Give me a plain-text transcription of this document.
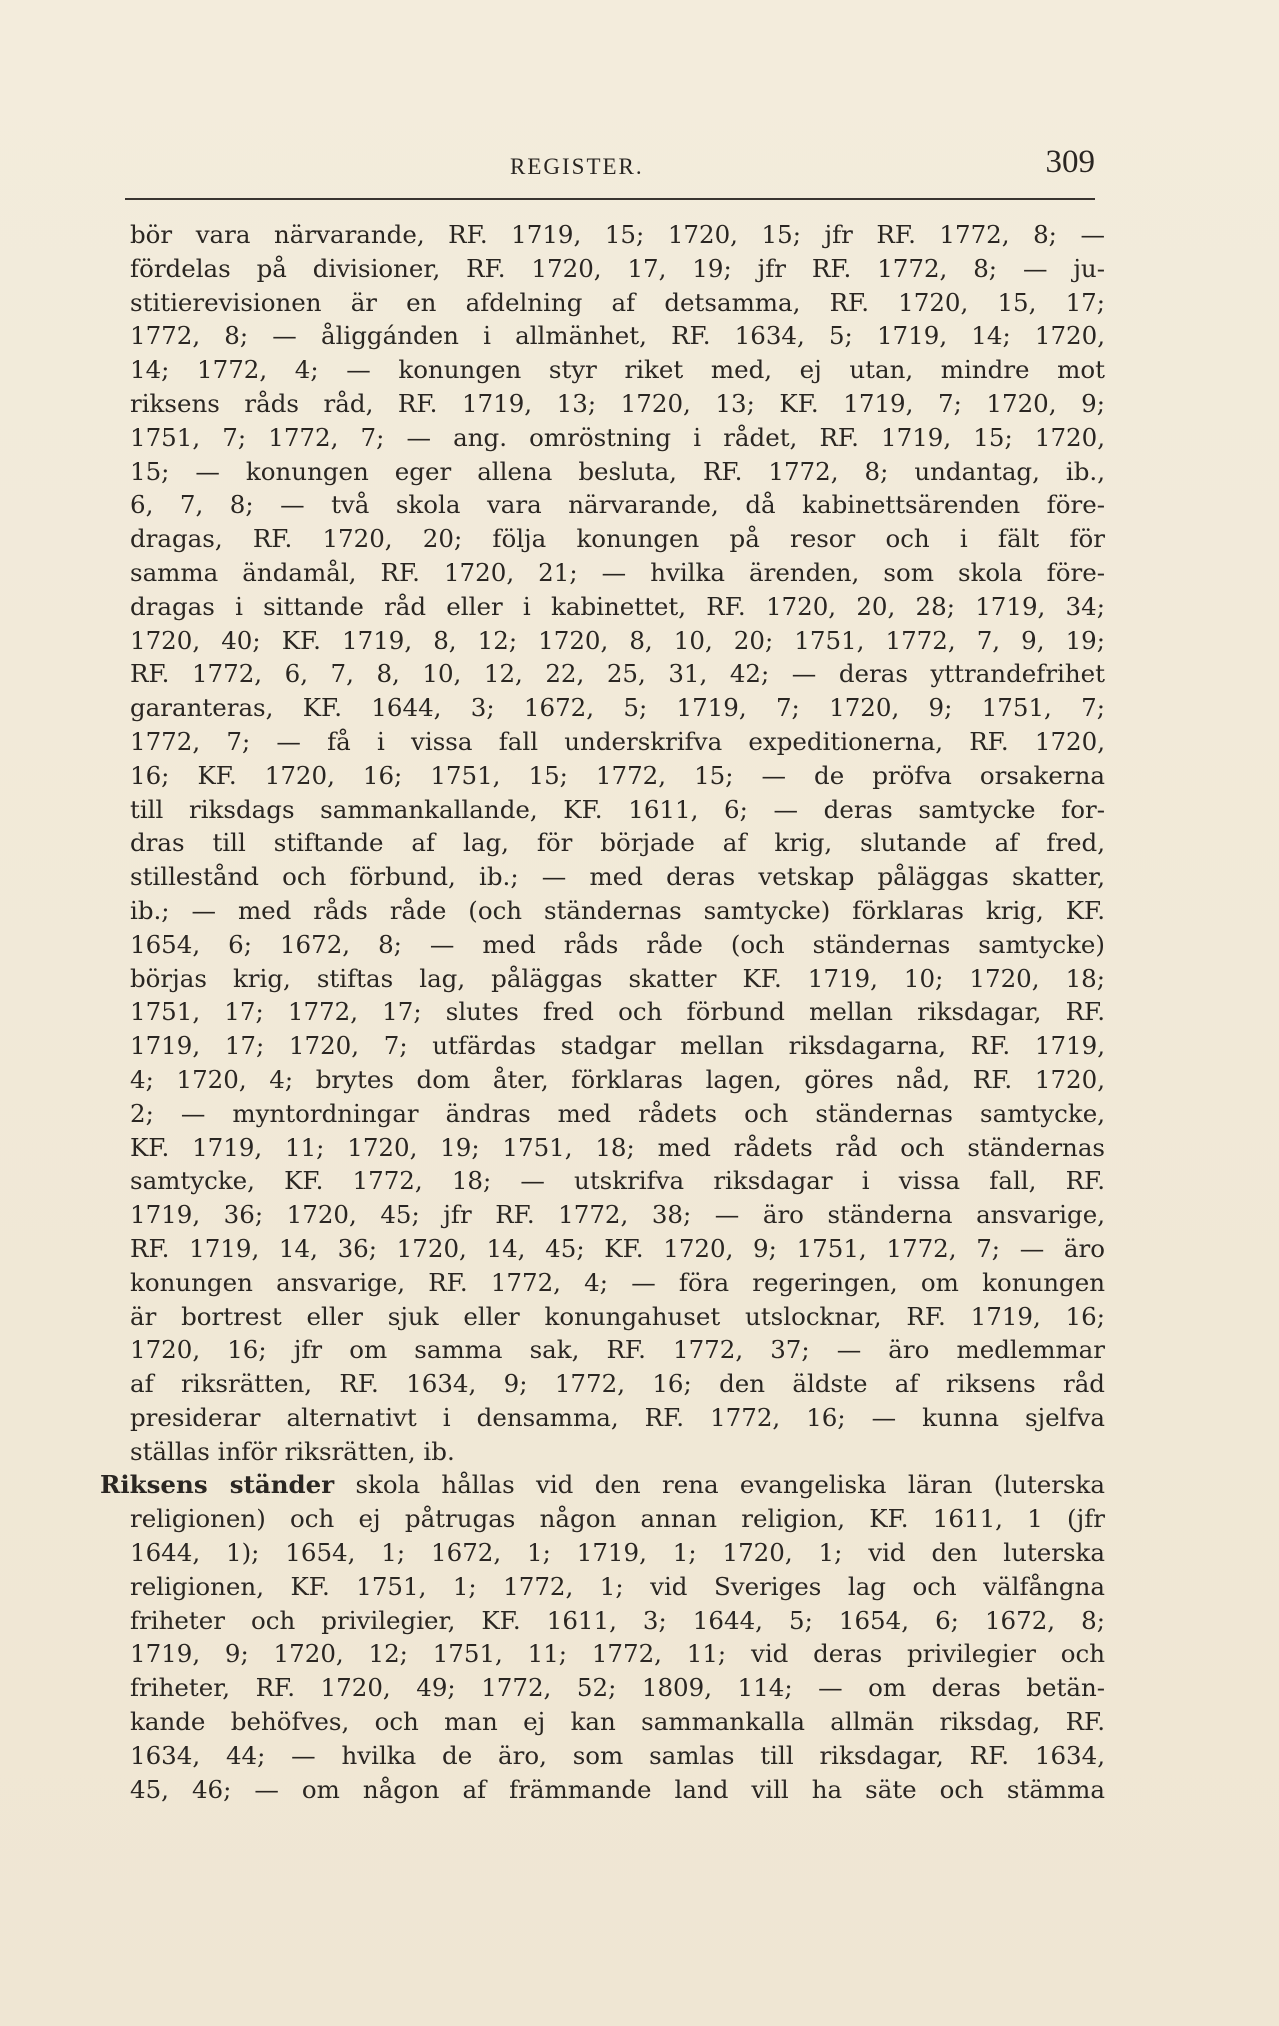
REGISTER.	309
bör vara närvarande, RF. 1719, 15; 1720, 15; jfr RF. 1772, 8; —
fördelas på divisioner, RF. 1720, 17, 19; jfr RF. 1772, 8; — ju-
stitierevisionen är en afdelning af detsamma, RF. 1720, 15, 17;
1772, 8; — åliggánden i allmänhet, RF. 1634, 5; 1719, 14; 1720,
14; 1772, 4; — konungen styr riket med, ej utan, mindre mot
riksens råds råd, RF. 1719, 13; 1720, 13; KF. 1719, 7; 1720, 9;
1751, 7; 1772, 7; — ang. omröstning i rådet, RF. 1719, 15; 1720,
15; — konungen eger allena besluta, RF. 1772, 8; undantag, ib.,
6, 7, 8; — två skola vara närvarande, då kabinettsärenden före-
dragas, RF. 1720, 20; följa konungen på resor och i fält för
samma ändamål, RF. 1720, 21; — hvilka ärenden, som skola före-
dragas i sittande råd eller i kabinettet, RF. 1720, 20, 28; 1719, 34;
1720, 40; KF. 1719, 8, 12; 1720, 8, 10, 20; 1751, 1772, 7, 9, 19;
RF. 1772, 6, 7, 8, 10, 12, 22, 25, 31, 42; — deras yttrandefrihet
garanteras, KF. 1644, 3; 1672, 5; 1719, 7; 1720, 9; 1751, 7;
1772, 7; — få i vissa fall underskrifva expeditionerna, RF. 1720,
16; KF. 1720, 16; 1751, 15; 1772, 15; — de pröfva orsakerna
till riksdags sammankallande, KF. 1611, 6; — deras samtycke for-
dras till stiftande af lag, för började af krig, slutande af fred,
stillestånd och förbund, ib.; — med deras vetskap påläggas skatter,
ib.; — med råds råde (och ständernas samtycke) förklaras krig, KF.
1654, 6; 1672, 8; — med råds råde (och ständernas samtycke)
börjas krig, stiftas lag, påläggas skatter KF. 1719, 10; 1720, 18;
1751, 17; 1772, 17; slutes fred och förbund mellan riksdagar, RF.
1719, 17; 1720, 7; utfärdas stadgar mellan riksdagarna, RF. 1719,
4; 1720, 4; brytes dom åter, förklaras lagen, göres nåd, RF. 1720,
2; — myntordningar ändras med rådets och ständernas samtycke,
KF. 1719, 11; 1720, 19; 1751, 18; med rådets råd och ständernas
samtycke, KF. 1772, 18; — utskrifva riksdagar i vissa fall, RF.
1719, 36; 1720, 45; jfr RF. 1772, 38; — äro ständerna ansvarige,
RF. 1719, 14, 36; 1720, 14, 45; KF. 1720, 9; 1751, 1772, 7; — äro
konungen ansvarige, RF. 1772, 4; — föra regeringen, om konungen
är bortrest eller sjuk eller konungahuset utslocknar, RF. 1719, 16;
1720, 16; jfr om samma sak, RF. 1772, 37; — äro medlemmar
af riksrätten, RF. 1634, 9; 1772, 16; den äldste af riksens råd
presiderar alternativt i densamma, RF. 1772, 16; — kunna sjelfva
ställas inför riksrätten, ib.
Riksens ständer skola hållas vid den rena evangeliska läran (luterska
religionen) och ej påtrugas någon annan religion, KF. 1611, 1 (jfr
1644, 1); 1654, 1; 1672, 1; 1719, 1; 1720, 1; vid den luterska
religionen, KF. 1751, 1; 1772, 1; vid Sveriges lag och välfångna
friheter och privilegier, KF. 1611, 3; 1644, 5; 1654, 6; 1672, 8;
1719, 9; 1720, 12; 1751, 11; 1772, 11; vid deras privilegier och
friheter, RF. 1720, 49; 1772, 52; 1809, 114; — om deras betän-
kande behöfves, och man ej kan sammankalla allmän riksdag, RF.
1634, 44; — hvilka de äro, som samlas till riksdagar, RF. 1634,
45, 46; — om någon af främmande land vill ha säte och stämma
